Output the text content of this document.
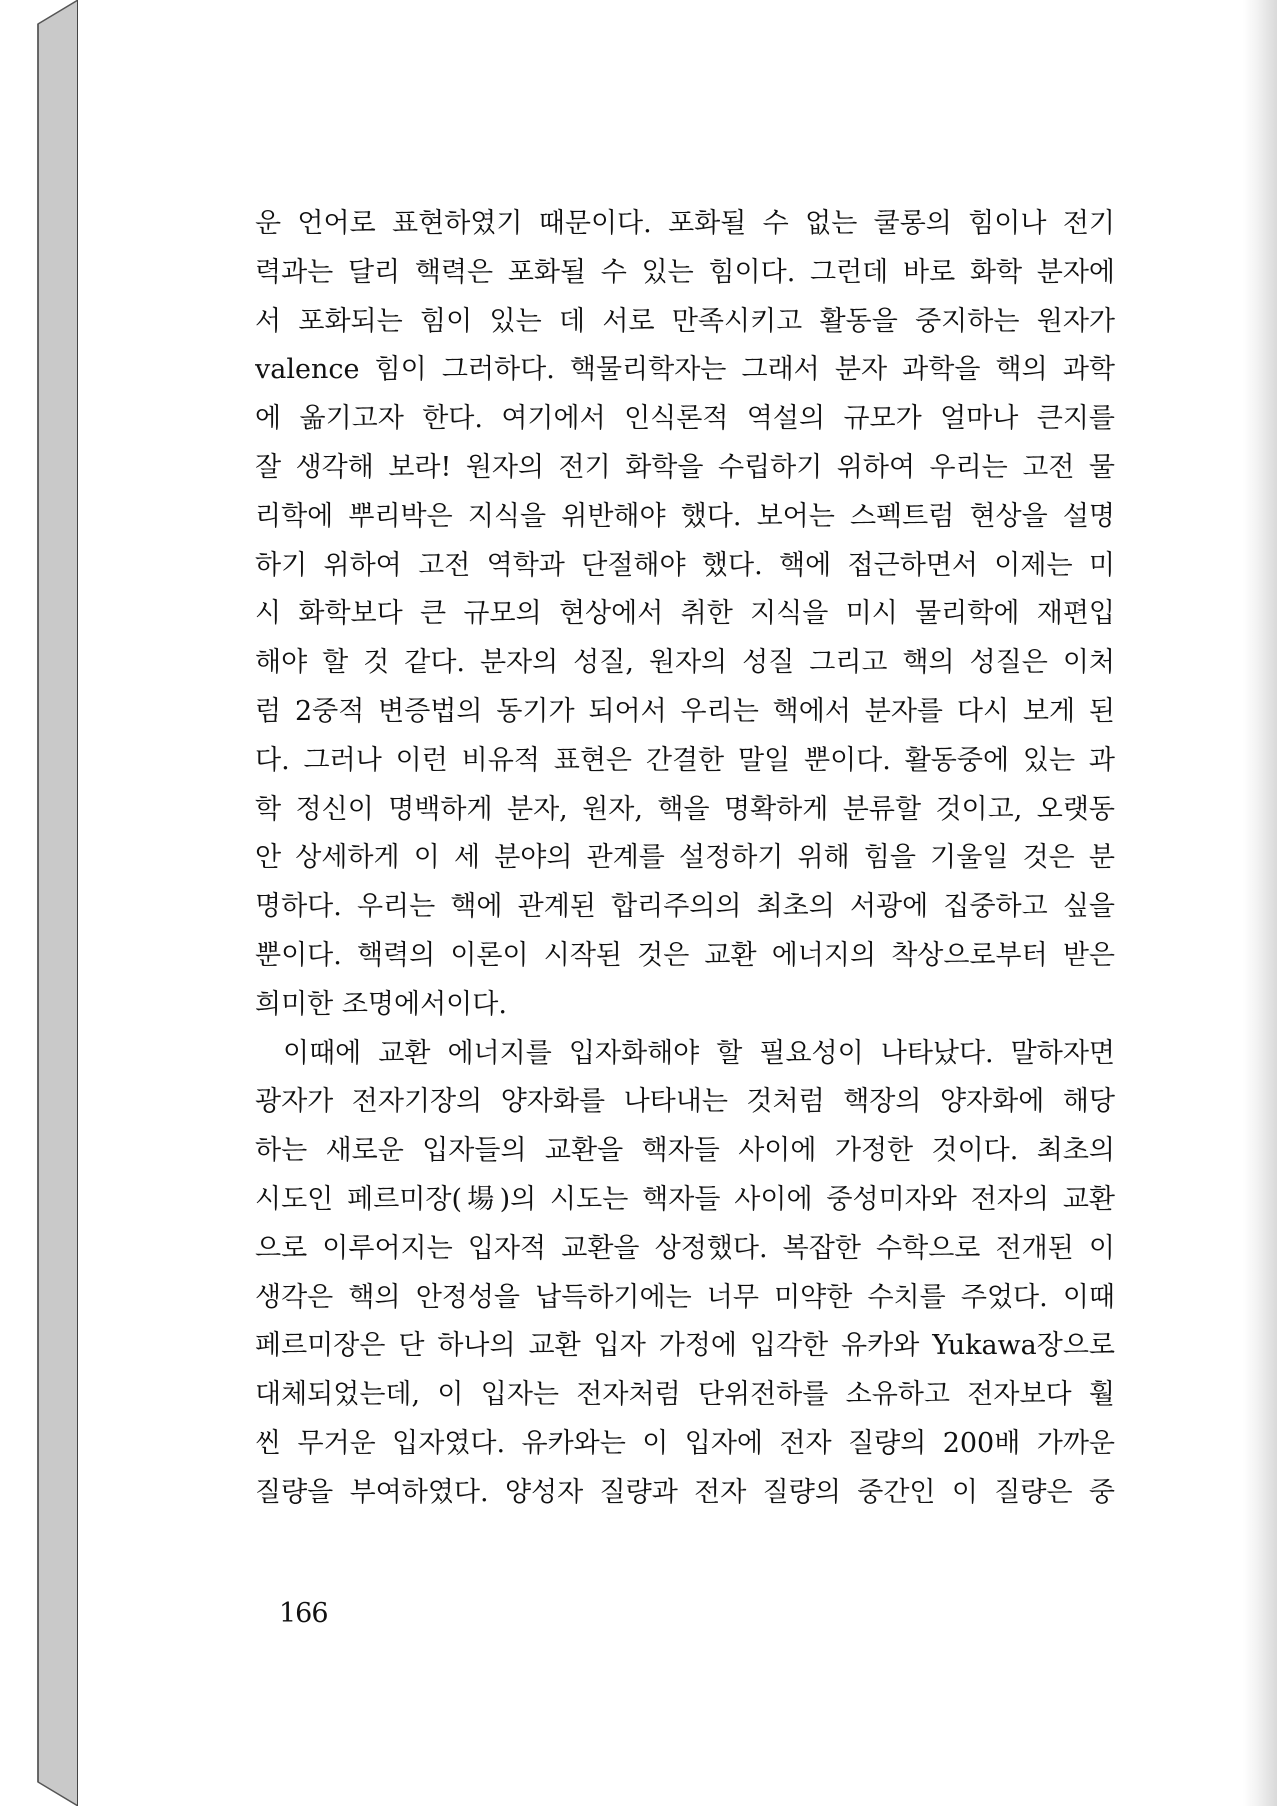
운 언어로 표현하였기 때문이다. 포화될 수 없는 쿨롱의 힘이나 전기
력과는 달리 핵력은 포화될 수 있는 힘이다. 그런데 바로 화학 분자에
서 포화되는 힘이 있는 데 서로 만족시키고 활동을 중지하는 원자가
valence 힘이 그러하다. 핵물리학자는 그래서 분자 과학을 핵의 과학
에 옮기고자 한다. 여기에서 인식론적 역설의 규모가 얼마나 큰지를
잘 생각해 보라! 원자의 전기 화학을 수립하기 위하여 우리는 고전 물
리학에 뿌리박은 지식을 위반해야 했다. 보어는 스펙트럼 현상을 설명
하기 위하여 고전 역학과 단절해야 했다. 핵에 접근하면서 이제는 미
시 화학보다 큰 규모의 현상에서 취한 지식을 미시 물리학에 재편입
해야 할 것 같다. 분자의 성질, 원자의 성질 그리고 핵의 성질은 이처
럼 2중적 변증법의 동기가 되어서 우리는 핵에서 분자를 다시 보게 된
다. 그러나 이런 비유적 표현은 간결한 말일 뿐이다. 활동중에 있는 과
학 정신이 명백하게 분자, 원자, 핵을 명확하게 분류할 것이고, 오랫동
안 상세하게 이 세 분야의 관계를 설정하기 위해 힘을 기울일 것은 분
명하다. 우리는 핵에 관계된 합리주의의 최초의 서광에 집중하고 싶을
뿐이다. 핵력의 이론이 시작된 것은 교환 에너지의 착상으로부터 받은
희미한 조명에서이다.
이때에 교환 에너지를 입자화해야 할 필요성이 나타났다. 말하자면
광자가 전자기장의 양자화를 나타내는 것처럼 핵장의 양자화에 해당
하는 새로운 입자들의 교환을 핵자들 사이에 가정한 것이다. 최초의
시도인 페르미장(場)의 시도는 핵자들 사이에 중성미자와 전자의 교환
으로 이루어지는 입자적 교환을 상정했다. 복잡한 수학으로 전개된 이
생각은 핵의 안정성을 납득하기에는 너무 미약한 수치를 주었다. 이때
페르미장은 단 하나의 교환 입자 가정에 입각한 유카와 Yukawa장으로
대체되었는데, 이 입자는 전자처럼 단위전하를 소유하고 전자보다 훨
씬 무거운 입자였다. 유카와는 이 입자에 전자 질량의 200배 가까운
질량을 부여하였다. 양성자 질량과 전자 질량의 중간인 이 질량은 중
166
